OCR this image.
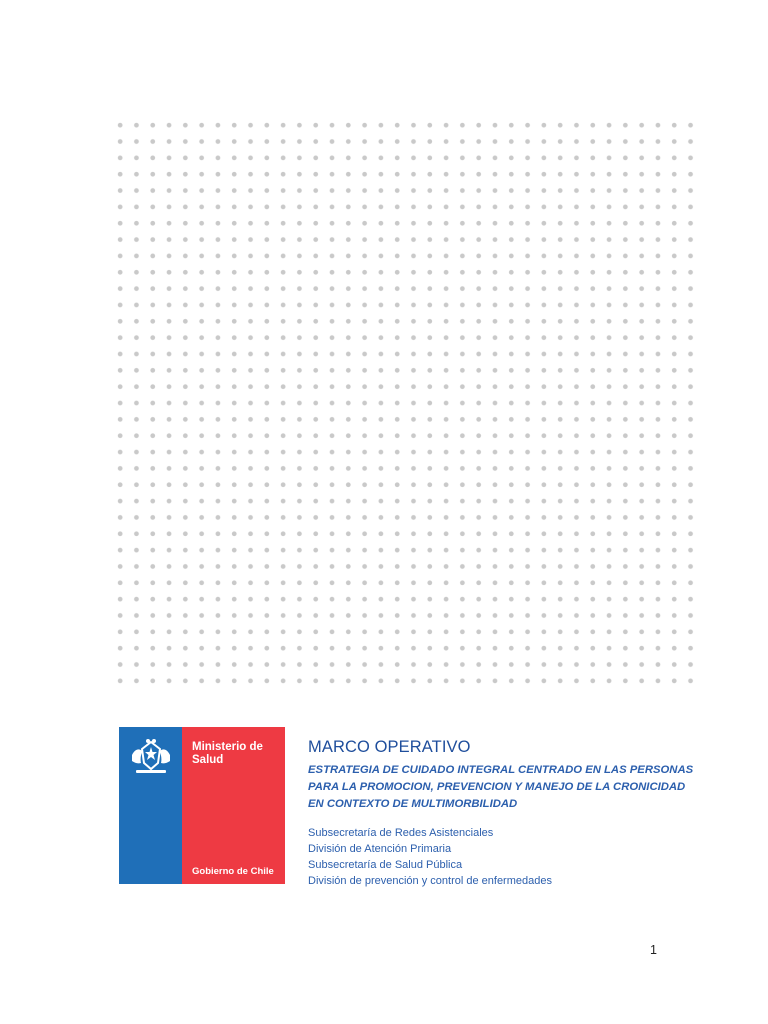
Ministerio de Salud
Gobierno de Chile
MARCO OPERATIVO
ESTRATEGIA DE CUIDADO INTEGRAL CENTRADO EN LAS PERSONAS
PARA LA PROMOCION, PREVENCION Y MANEJO DE LA CRONICIDAD
EN CONTEXTO DE MULTIMORBILIDAD
Subsecretaría de Redes Asistenciales
División de Atención Primaria
Subsecretaría de Salud Pública
División de prevención y control de enfermedades
1
